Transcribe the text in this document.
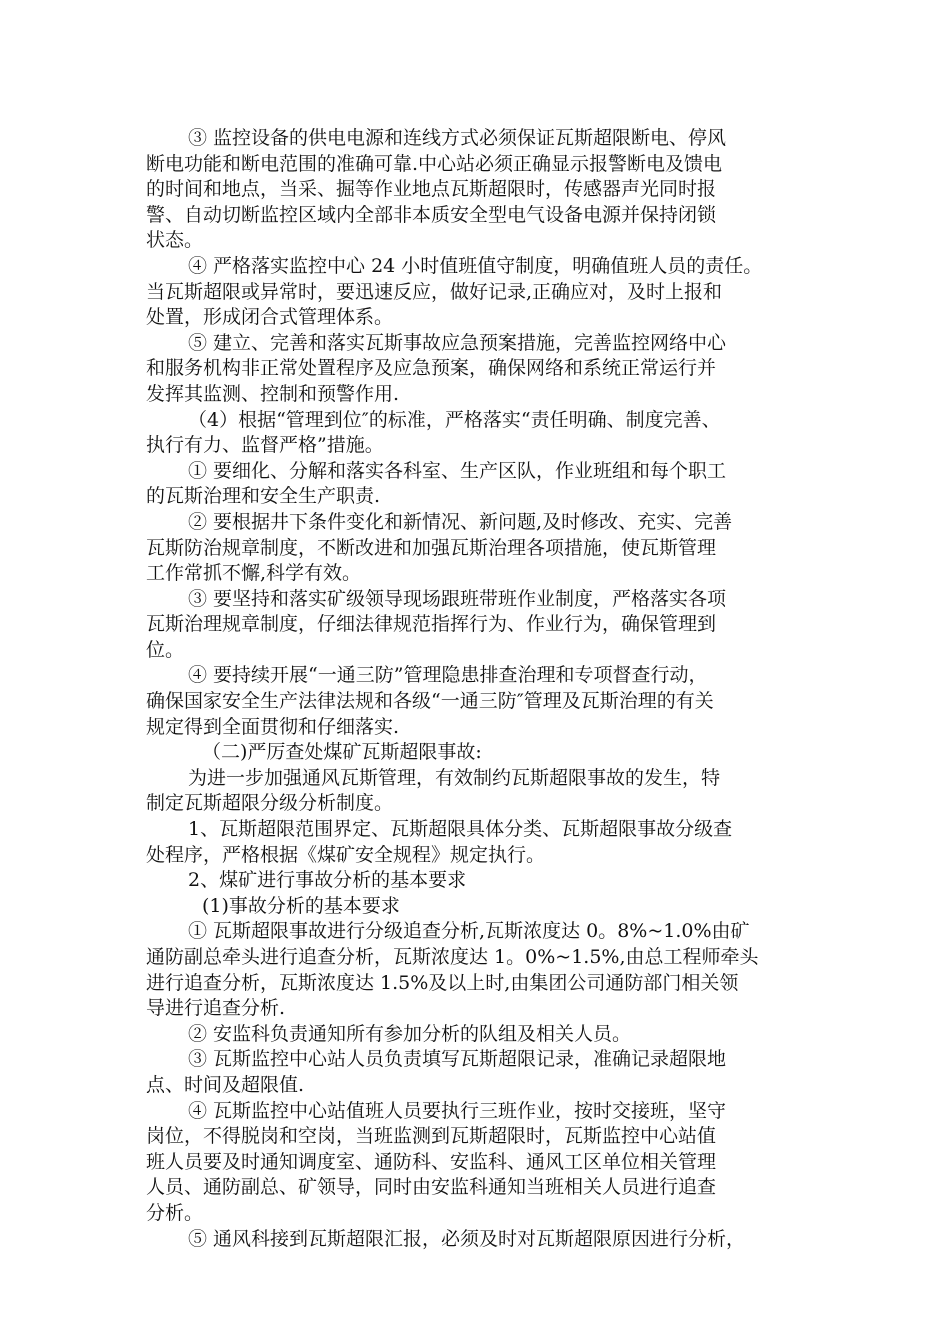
③ 监控设备的供电电源和连线方式必须保证瓦斯超限断电、停风
断电功能和断电范围的准确可靠.中心站必须正确显示报警断电及馈电
的时间和地点，当采、掘等作业地点瓦斯超限时，传感器声光同时报
警、自动切断监控区域内全部非本质安全型电气设备电源并保持闭锁
状态。
④ 严格落实监控中心 24 小时值班值守制度，明确值班人员的责任。
当瓦斯超限或异常时，要迅速反应，做好记录,正确应对，及时上报和
处置，形成闭合式管理体系。
⑤ 建立、完善和落实瓦斯事故应急预案措施，完善监控网络中心
和服务机构非正常处置程序及应急预案，确保网络和系统正常运行并
发挥其监测、控制和预警作用.
（4）根据“管理到位″的标准，严格落实“责任明确、制度完善、
执行有力、监督严格”措施。
① 要细化、分解和落实各科室、生产区队，作业班组和每个职工
的瓦斯治理和安全生产职责.
② 要根据井下条件变化和新情况、新问题,及时修改、充实、完善
瓦斯防治规章制度，不断改进和加强瓦斯治理各项措施，使瓦斯管理
工作常抓不懈,科学有效。
③ 要坚持和落实矿级领导现场跟班带班作业制度，严格落实各项
瓦斯治理规章制度，仔细法律规范指挥行为、作业行为，确保管理到
位。
④ 要持续开展“一通三防”管理隐患排查治理和专项督查行动，
确保国家安全生产法律法规和各级“一通三防″管理及瓦斯治理的有关
规定得到全面贯彻和仔细落实.
（二)严厉查处煤矿瓦斯超限事故:
为进一步加强通风瓦斯管理，有效制约瓦斯超限事故的发生，特
制定瓦斯超限分级分析制度。
1、瓦斯超限范围界定、瓦斯超限具体分类、瓦斯超限事故分级查
处程序，严格根据《煤矿安全规程》规定执行。
2、煤矿进行事故分析的基本要求
(1)事故分析的基本要求
① 瓦斯超限事故进行分级追查分析,瓦斯浓度达 0。8%~1.0%由矿
通防副总牵头进行追查分析，瓦斯浓度达 1。0%~1.5%,由总工程师牵头
进行追查分析，瓦斯浓度达 1.5%及以上时,由集团公司通防部门相关领
导进行追查分析.
② 安监科负责通知所有参加分析的队组及相关人员。
③ 瓦斯监控中心站人员负责填写瓦斯超限记录，准确记录超限地
点、时间及超限值.
④ 瓦斯监控中心站值班人员要执行三班作业，按时交接班，坚守
岗位，不得脱岗和空岗，当班监测到瓦斯超限时，瓦斯监控中心站值
班人员要及时通知调度室、通防科、安监科、通风工区单位相关管理
人员、通防副总、矿领导，同时由安监科通知当班相关人员进行追查
分析。
⑤ 通风科接到瓦斯超限汇报，必须及时对瓦斯超限原因进行分析，
